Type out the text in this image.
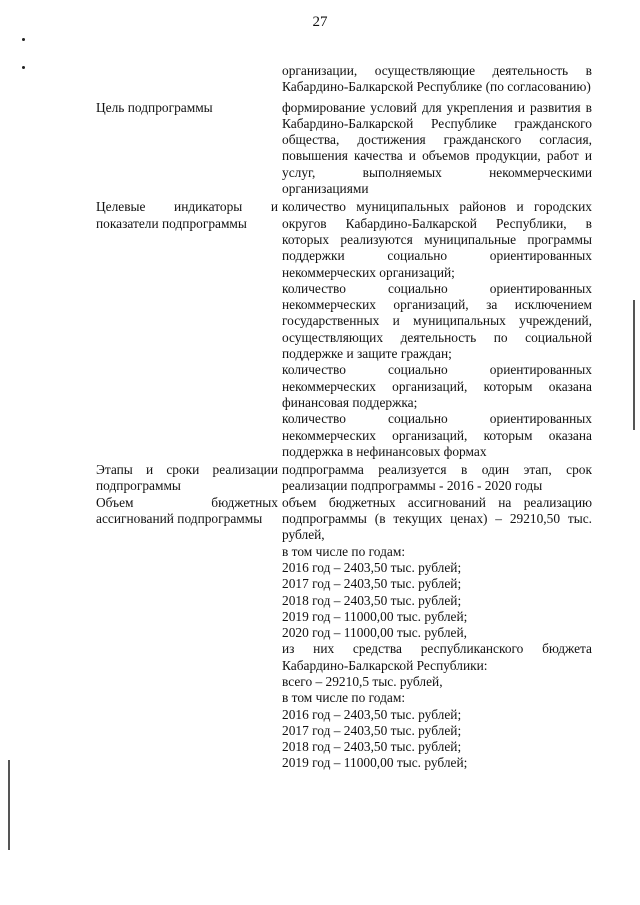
27

организации, осуществляющие деятельность в Кабардино-Балкарской Республике (по согласованию)

Цель подпрограммы	формирование условий для укрепления и развития в Кабардино-Балкарской Республике гражданского общества, достижения гражданского согласия, повышения качества и объемов продукции, работ и услуг, выполняемых некоммерческими организациями

Целевые индикаторы и показатели подпрограммы

количество муниципальных районов и городских округов Кабардино-Балкарской Республики, в которых реализуются муниципальные программы поддержки социально ориентированных некоммерческих организаций;

количество социально ориентированных некоммерческих организаций, за исключением государственных и муниципальных учреждений, осуществляющих деятельность по социальной поддержке и защите граждан;

количество социально ориентированных некоммерческих организаций, которым оказана финансовая поддержка;

количество социально ориентированных некоммерческих организаций, которым оказана поддержка в нефинансовых формах

Этапы и сроки реализации подпрограммы

подпрограмма реализуется в один этап, срок реализации подпрограммы - 2016 - 2020 годы

Объем бюджетных ассигнований подпрограммы

объем бюджетных ассигнований на реализацию подпрограммы (в текущих ценах) – 29210,50 тыс. рублей,

в том числе по годам:

2016 год – 2403,50 тыс. рублей;

2017 год – 2403,50 тыс. рублей;

2018 год – 2403,50 тыс. рублей;

2019 год – 11000,00 тыс. рублей;

2020 год – 11000,00 тыс. рублей,

из них средства республиканского бюджета Кабардино-Балкарской Республики:

всего – 29210,5 тыс. рублей,

в том числе по годам:

2016 год – 2403,50 тыс. рублей;

2017 год – 2403,50 тыс. рублей;

2018 год – 2403,50 тыс. рублей;

2019 год – 11000,00 тыс. рублей;
